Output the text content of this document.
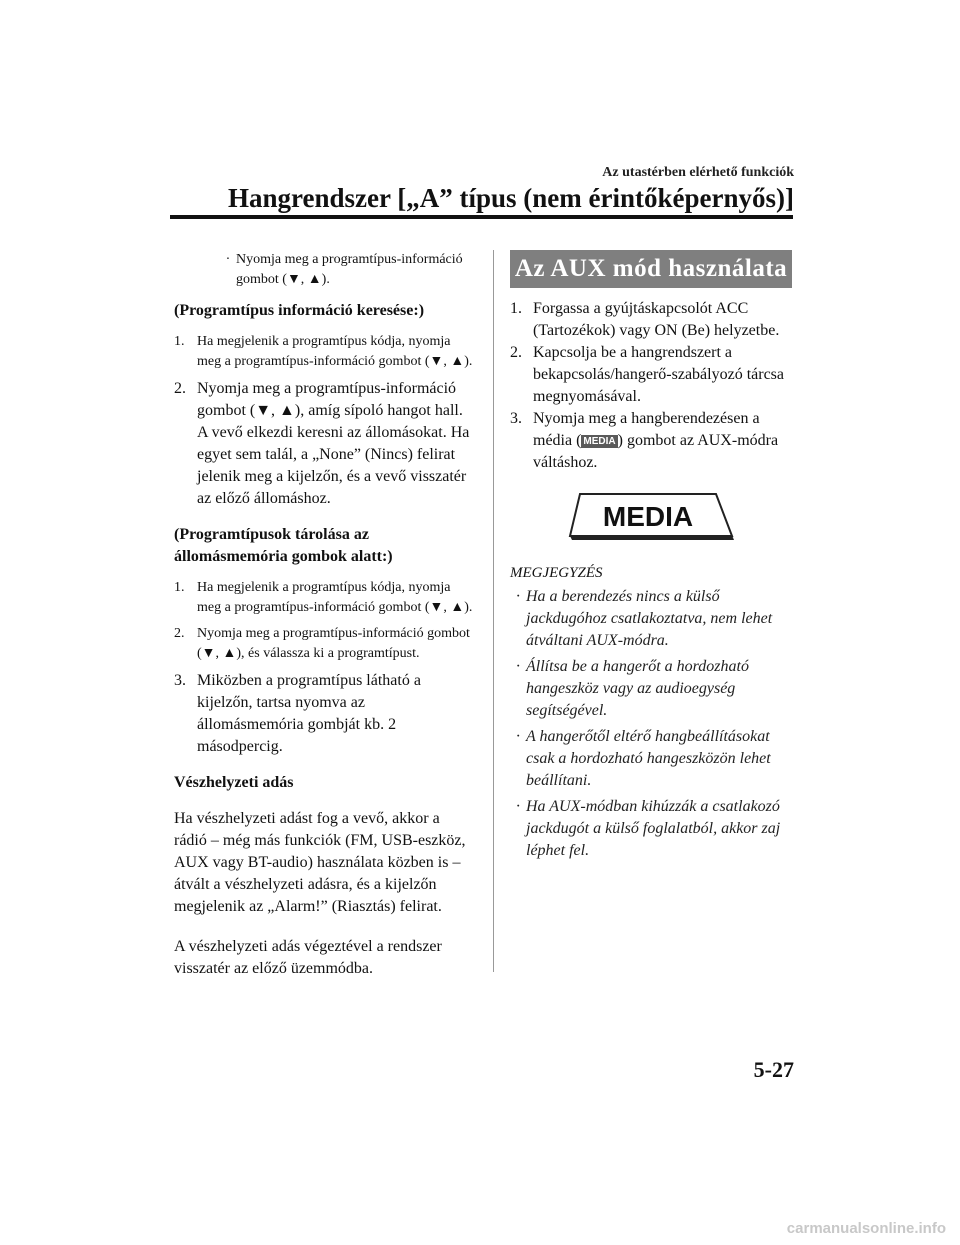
Az utastérben elérhető funkciók
Hangrendszer [„A” típus (nem érintőképernyős)]
· Nyomja meg a programtípus-információ gombot (▼, ▲).

(Programtípus információ keresése:)

1. Ha megjelenik a programtípus kódja, nyomja meg a programtípus-információ gombot (▼, ▲).
2. Nyomja meg a programtípus-információ gombot (▼, ▲), amíg sípoló hangot hall.
A vevő elkezdi keresni az állomásokat. Ha egyet sem talál, a „None” (Nincs) felirat jelenik meg a kijelzőn, és a vevő visszatér az előző állomáshoz.

(Programtípusok tárolása az állomásmemória gombok alatt:)

1. Ha megjelenik a programtípus kódja, nyomja meg a programtípus-információ gombot (▼, ▲).
2. Nyomja meg a programtípus-információ gombot (▼, ▲), és válassza ki a programtípust.
3. Miközben a programtípus látható a kijelzőn, tartsa nyomva az állomásmemória gombját kb. 2 másodpercig.

Vészhelyzeti adás

Ha vészhelyzeti adást fog a vevő, akkor a rádió – még más funkciók (FM, USB-eszköz, AUX vagy BT-audio) használata közben is – átvált a vészhelyzeti adásra, és a kijelzőn megjelenik az „Alarm!” (Riasztás) felirat.

A vészhelyzeti adás végeztével a rendszer visszatér az előző üzemmódba.

Az AUX mód használata
1. Forgassa a gyújtáskapcsolót ACC (Tartozékok) vagy ON (Be) helyzetbe.
2. Kapcsolja be a hangrendszert a bekapcsolás/hangerő-szabályozó tárcsa megnyomásával.
3. Nyomja meg a hangberendezésen a média ( MEDIA ) gombot az AUX-módra váltáshoz.
MEDIA

MEGJEGYZÉS

· Ha a berendezés nincs a külső jackdugóhoz csatlakoztatva, nem lehet átváltani AUX-módra.
· Állítsa be a hangerőt a hordozható hangeszköz vagy az audioegység segítségével.
· A hangerőtől eltérő hangbeállításokat csak a hordozható hangeszközön lehet beállítani.
· Ha AUX-módban kihúzzák a csatlakozó jackdugót a külső foglalatból, akkor zaj léphet fel.
5-27
carmanualsonline.info
